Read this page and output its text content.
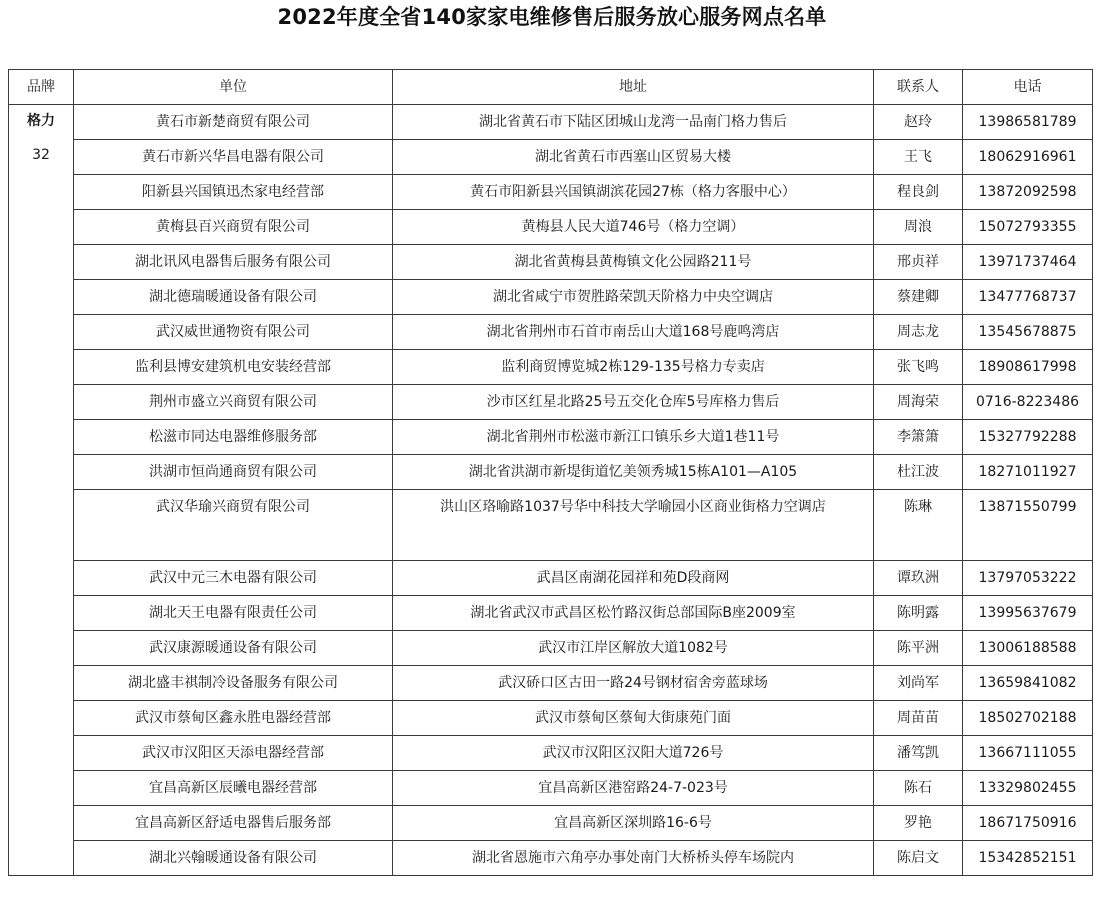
2022年度全省140家家电维修售后服务放心服务网点名单
品牌	单位	地址	联系人	电话

格力
32	黄石市新楚商贸有限公司	湖北省黄石市下陆区团城山龙湾一品南门格力售后	赵玲	13986581789
	黄石市新兴华昌电器有限公司	湖北省黄石市西塞山区贸易大楼	王飞	18062916961
	阳新县兴国镇迅杰家电经营部	黄石市阳新县兴国镇湖滨花园27栋（格力客服中心）	程良剑	13872092598
	黄梅县百兴商贸有限公司	黄梅县人民大道746号（格力空调）	周浪	15072793355
	湖北讯风电器售后服务有限公司	湖北省黄梅县黄梅镇文化公园路211号	邢贞祥	13971737464
	湖北德瑞暖通设备有限公司	湖北省咸宁市贺胜路荣凯天阶格力中央空调店	蔡建卿	13477768737
	武汉威世通物资有限公司	湖北省荆州市石首市南岳山大道168号鹿鸣湾店	周志龙	13545678875
	监利县博安建筑机电安装经营部	监利商贸博览城2栋129-135号格力专卖店	张飞鸣	18908617998
	荆州市盛立兴商贸有限公司	沙市区红星北路25号五交化仓库5号库格力售后	周海荣	0716-8223486
	松滋市同达电器维修服务部	湖北省荆州市松滋市新江口镇乐乡大道1巷11号	李箫箫	15327792288
	洪湖市恒尚通商贸有限公司	湖北省洪湖市新堤街道忆美领秀城15栋A101—A105	杜江波	18271011927
	武汉华瑜兴商贸有限公司	洪山区珞喻路1037号华中科技大学喻园小区商业街格力空调店	陈琳	13871550799
	武汉中元三木电器有限公司	武昌区南湖花园祥和苑D段商网	谭玖洲	13797053222
	湖北天王电器有限责任公司	湖北省武汉市武昌区松竹路汉街总部国际B座2009室	陈明露	13995637679
	武汉康源暖通设备有限公司	武汉市江岸区解放大道1082号	陈平洲	13006188588
	湖北盛丰祺制冷设备服务有限公司	武汉硚口区古田一路24号钢材宿舍旁蓝球场	刘尚军	13659841082
	武汉市蔡甸区鑫永胜电器经营部	武汉市蔡甸区蔡甸大街康苑门面	周苗苗	18502702188
	武汉市汉阳区天添电器经营部	武汉市汉阳区汉阳大道726号	潘笃凯	13667111055
	宜昌高新区辰曦电器经营部	宜昌高新区港窑路24-7-023号	陈石	13329802455
	宜昌高新区舒适电器售后服务部	宜昌高新区深圳路16-6号	罗艳	18671750916
	湖北兴翰暖通设备有限公司	湖北省恩施市六角亭办事处南门大桥桥头停车场院内	陈启文	15342852151
